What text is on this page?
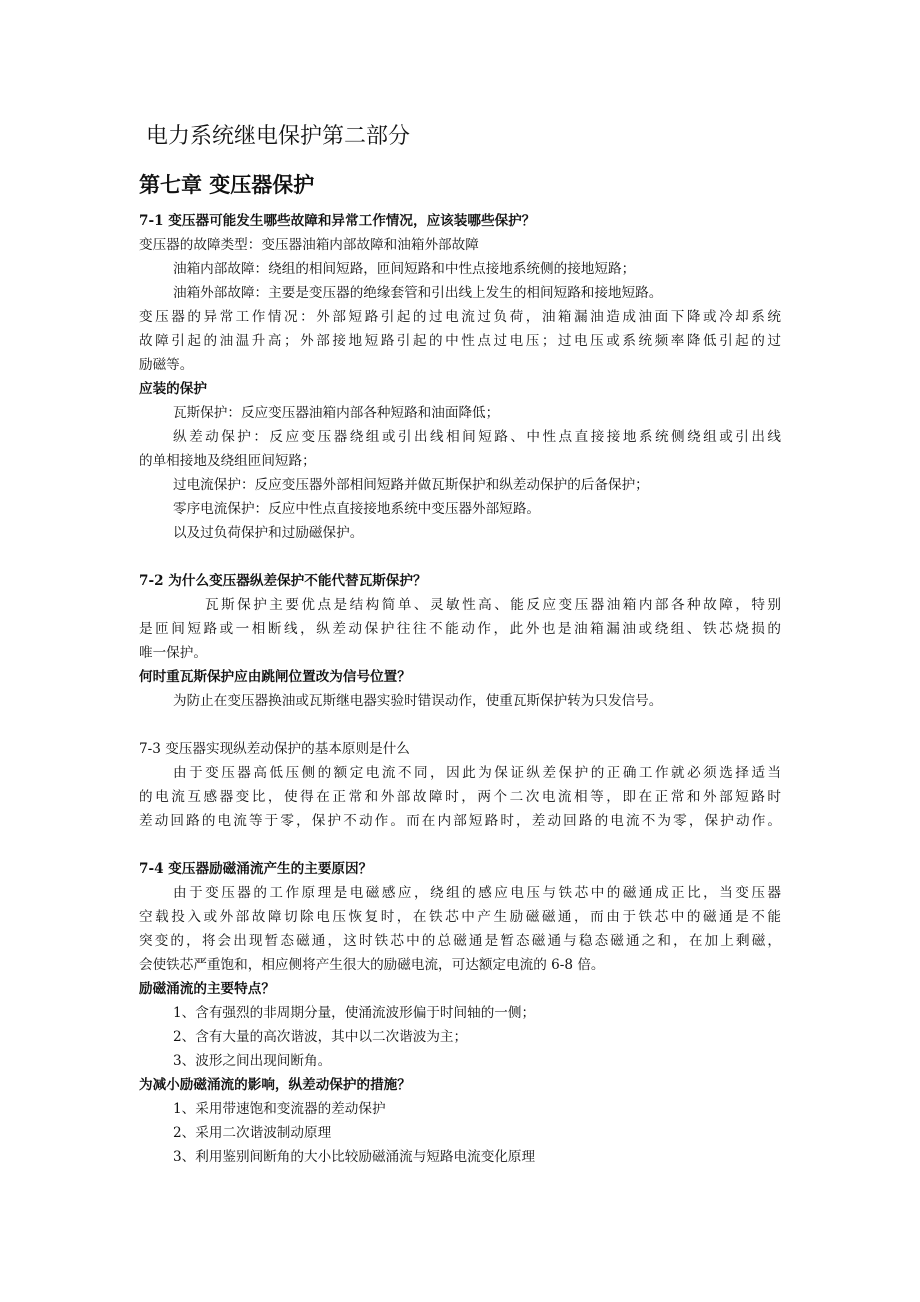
电力系统继电保护第二部分
第七章 变压器保护
7-1 变压器可能发生哪些故障和异常工作情况，应该装哪些保护？
变压器的故障类型：变压器油箱内部故障和油箱外部故障
油箱内部故障：绕组的相间短路，匝间短路和中性点接地系统侧的接地短路；
油箱外部故障：主要是变压器的绝缘套管和引出线上发生的相间短路和接地短路。
变压器的异常工作情况：外部短路引起的过电流过负荷，油箱漏油造成油面下降或冷却系统
故障引起的油温升高；外部接地短路引起的中性点过电压；过电压或系统频率降低引起的过
励磁等。
应装的保护
瓦斯保护：反应变压器油箱内部各种短路和油面降低；
纵差动保护：反应变压器绕组或引出线相间短路、中性点直接接地系统侧绕组或引出线
的单相接地及绕组匝间短路；
过电流保护：反应变压器外部相间短路并做瓦斯保护和纵差动保护的后备保护；
零序电流保护：反应中性点直接接地系统中变压器外部短路。
以及过负荷保护和过励磁保护。
7-2 为什么变压器纵差保护不能代替瓦斯保护？
瓦斯保护主要优点是结构简单、灵敏性高、能反应变压器油箱内部各种故障，特别
是匝间短路或一相断线，纵差动保护往往不能动作，此外也是油箱漏油或绕组、铁芯烧损的
唯一保护。
何时重瓦斯保护应由跳闸位置改为信号位置？
为防止在变压器换油或瓦斯继电器实验时错误动作，使重瓦斯保护转为只发信号。
7-3 变压器实现纵差动保护的基本原则是什么
由于变压器高低压侧的额定电流不同，因此为保证纵差保护的正确工作就必须选择适当
的电流互感器变比，使得在正常和外部故障时，两个二次电流相等，即在正常和外部短路时
差动回路的电流等于零，保护不动作。而在内部短路时，差动回路的电流不为零，保护动作。
7-4 变压器励磁涌流产生的主要原因？
由于变压器的工作原理是电磁感应，绕组的感应电压与铁芯中的磁通成正比，当变压器
空载投入或外部故障切除电压恢复时，在铁芯中产生励磁磁通，而由于铁芯中的磁通是不能
突变的，将会出现暂态磁通，这时铁芯中的总磁通是暂态磁通与稳态磁通之和，在加上剩磁，
会使铁芯严重饱和，相应侧将产生很大的励磁电流，可达额定电流的 6-8 倍。
励磁涌流的主要特点？
1、含有强烈的非周期分量，使涌流波形偏于时间轴的一侧；
2、含有大量的高次谐波，其中以二次谐波为主；
3、波形之间出现间断角。
为减小励磁涌流的影响，纵差动保护的措施？
1、采用带速饱和变流器的差动保护
2、采用二次谐波制动原理
3、利用鉴别间断角的大小比较励磁涌流与短路电流变化原理
